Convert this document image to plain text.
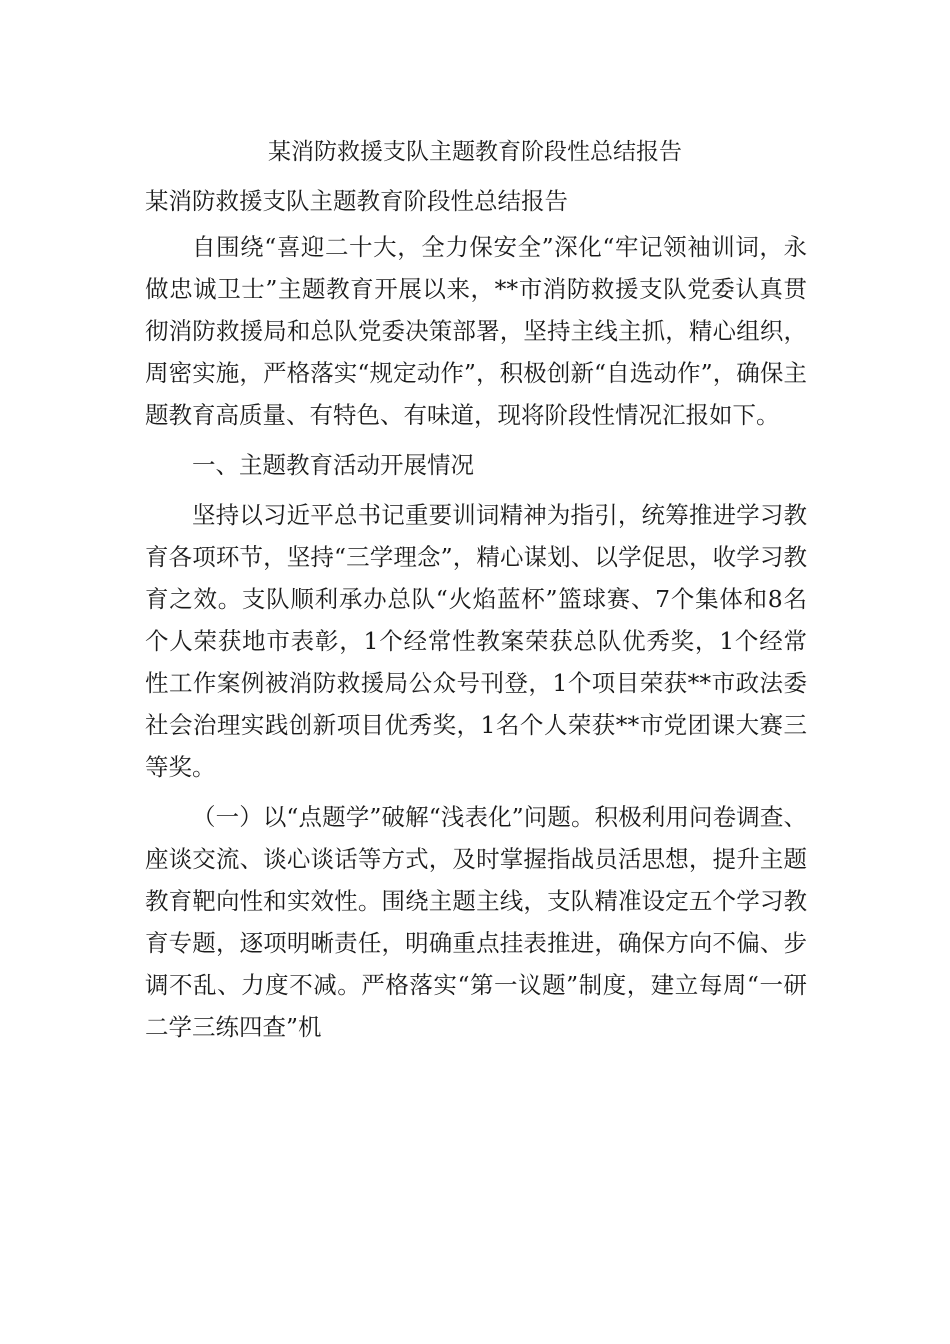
某消防救援支队主题教育阶段性总结报告

某消防救援支队主题教育阶段性总结报告

自围绕“喜迎二十大，全力保安全”深化“牢记领袖训词，永做忠诚卫士”主题教育开展以来，**市消防救援支队党委认真贯彻消防救援局和总队党委决策部署，坚持主线主抓，精心组织，周密实施，严格落实“规定动作”，积极创新“自选动作”，确保主题教育高质量、有特色、有味道，现将阶段性情况汇报如下。

一、主题教育活动开展情况

坚持以习近平总书记重要训词精神为指引，统筹推进学习教育各项环节，坚持“三学理念”，精心谋划、以学促思，收学习教育之效。支队顺利承办总队“火焰蓝杯”篮球赛、7个集体和8名个人荣获地市表彰，1个经常性教案荣获总队优秀奖，1个经常性工作案例被消防救援局公众号刊登，1个项目荣获**市政法委社会治理实践创新项目优秀奖，1名个人荣获**市党团课大赛三等奖。

（一）以“点题学”破解“浅表化”问题。积极利用问卷调查、座谈交流、谈心谈话等方式，及时掌握指战员活思想，提升主题教育靶向性和实效性。围绕主题主线，支队精准设定五个学习教育专题，逐项明晰责任，明确重点挂表推进，确保方向不偏、步调不乱、力度不减。严格落实“第一议题”制度，建立每周“一研二学三练四查”机
